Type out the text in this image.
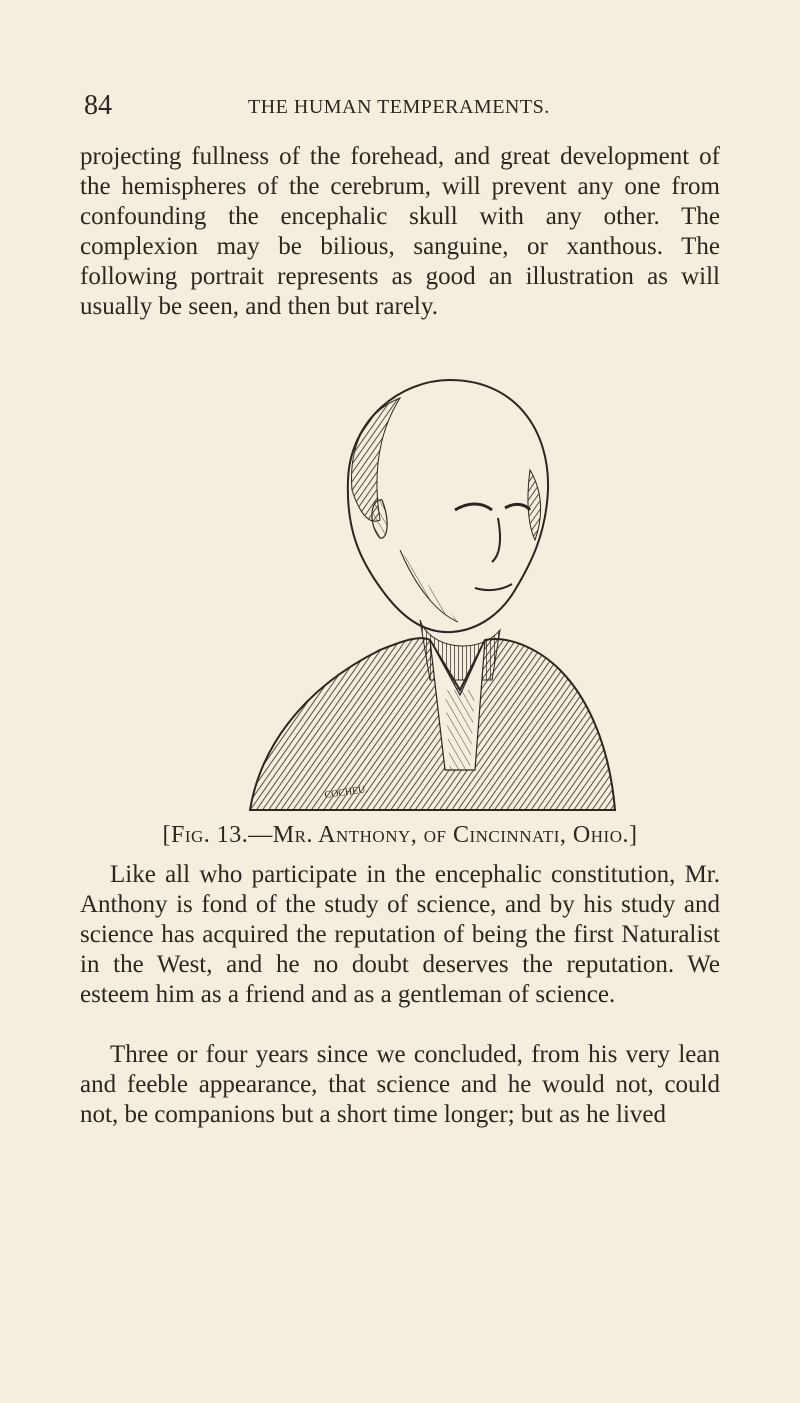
84	THE HUMAN TEMPERAMENTS.

projecting fullness of the forehead, and great development of the hemispheres of the cerebrum, will prevent any one from confounding the encephalic skull with any other. The complexion may be bilious, sanguine, or xanthous. The following portrait represents as good an illustration as will usually be seen, and then but rarely.

COCHEU.
[Fig. 13.—Mr. Anthony, of Cincinnati, Ohio.]

Like all who participate in the encephalic constitution, Mr. Anthony is fond of the study of science, and by his study and science has acquired the reputation of being the first Naturalist in the West, and he no doubt deserves the reputation. We esteem him as a friend and as a gentleman of science.

Three or four years since we concluded, from his very lean and feeble appearance, that science and he would not, could not, be companions but a short time longer; but as he lived
